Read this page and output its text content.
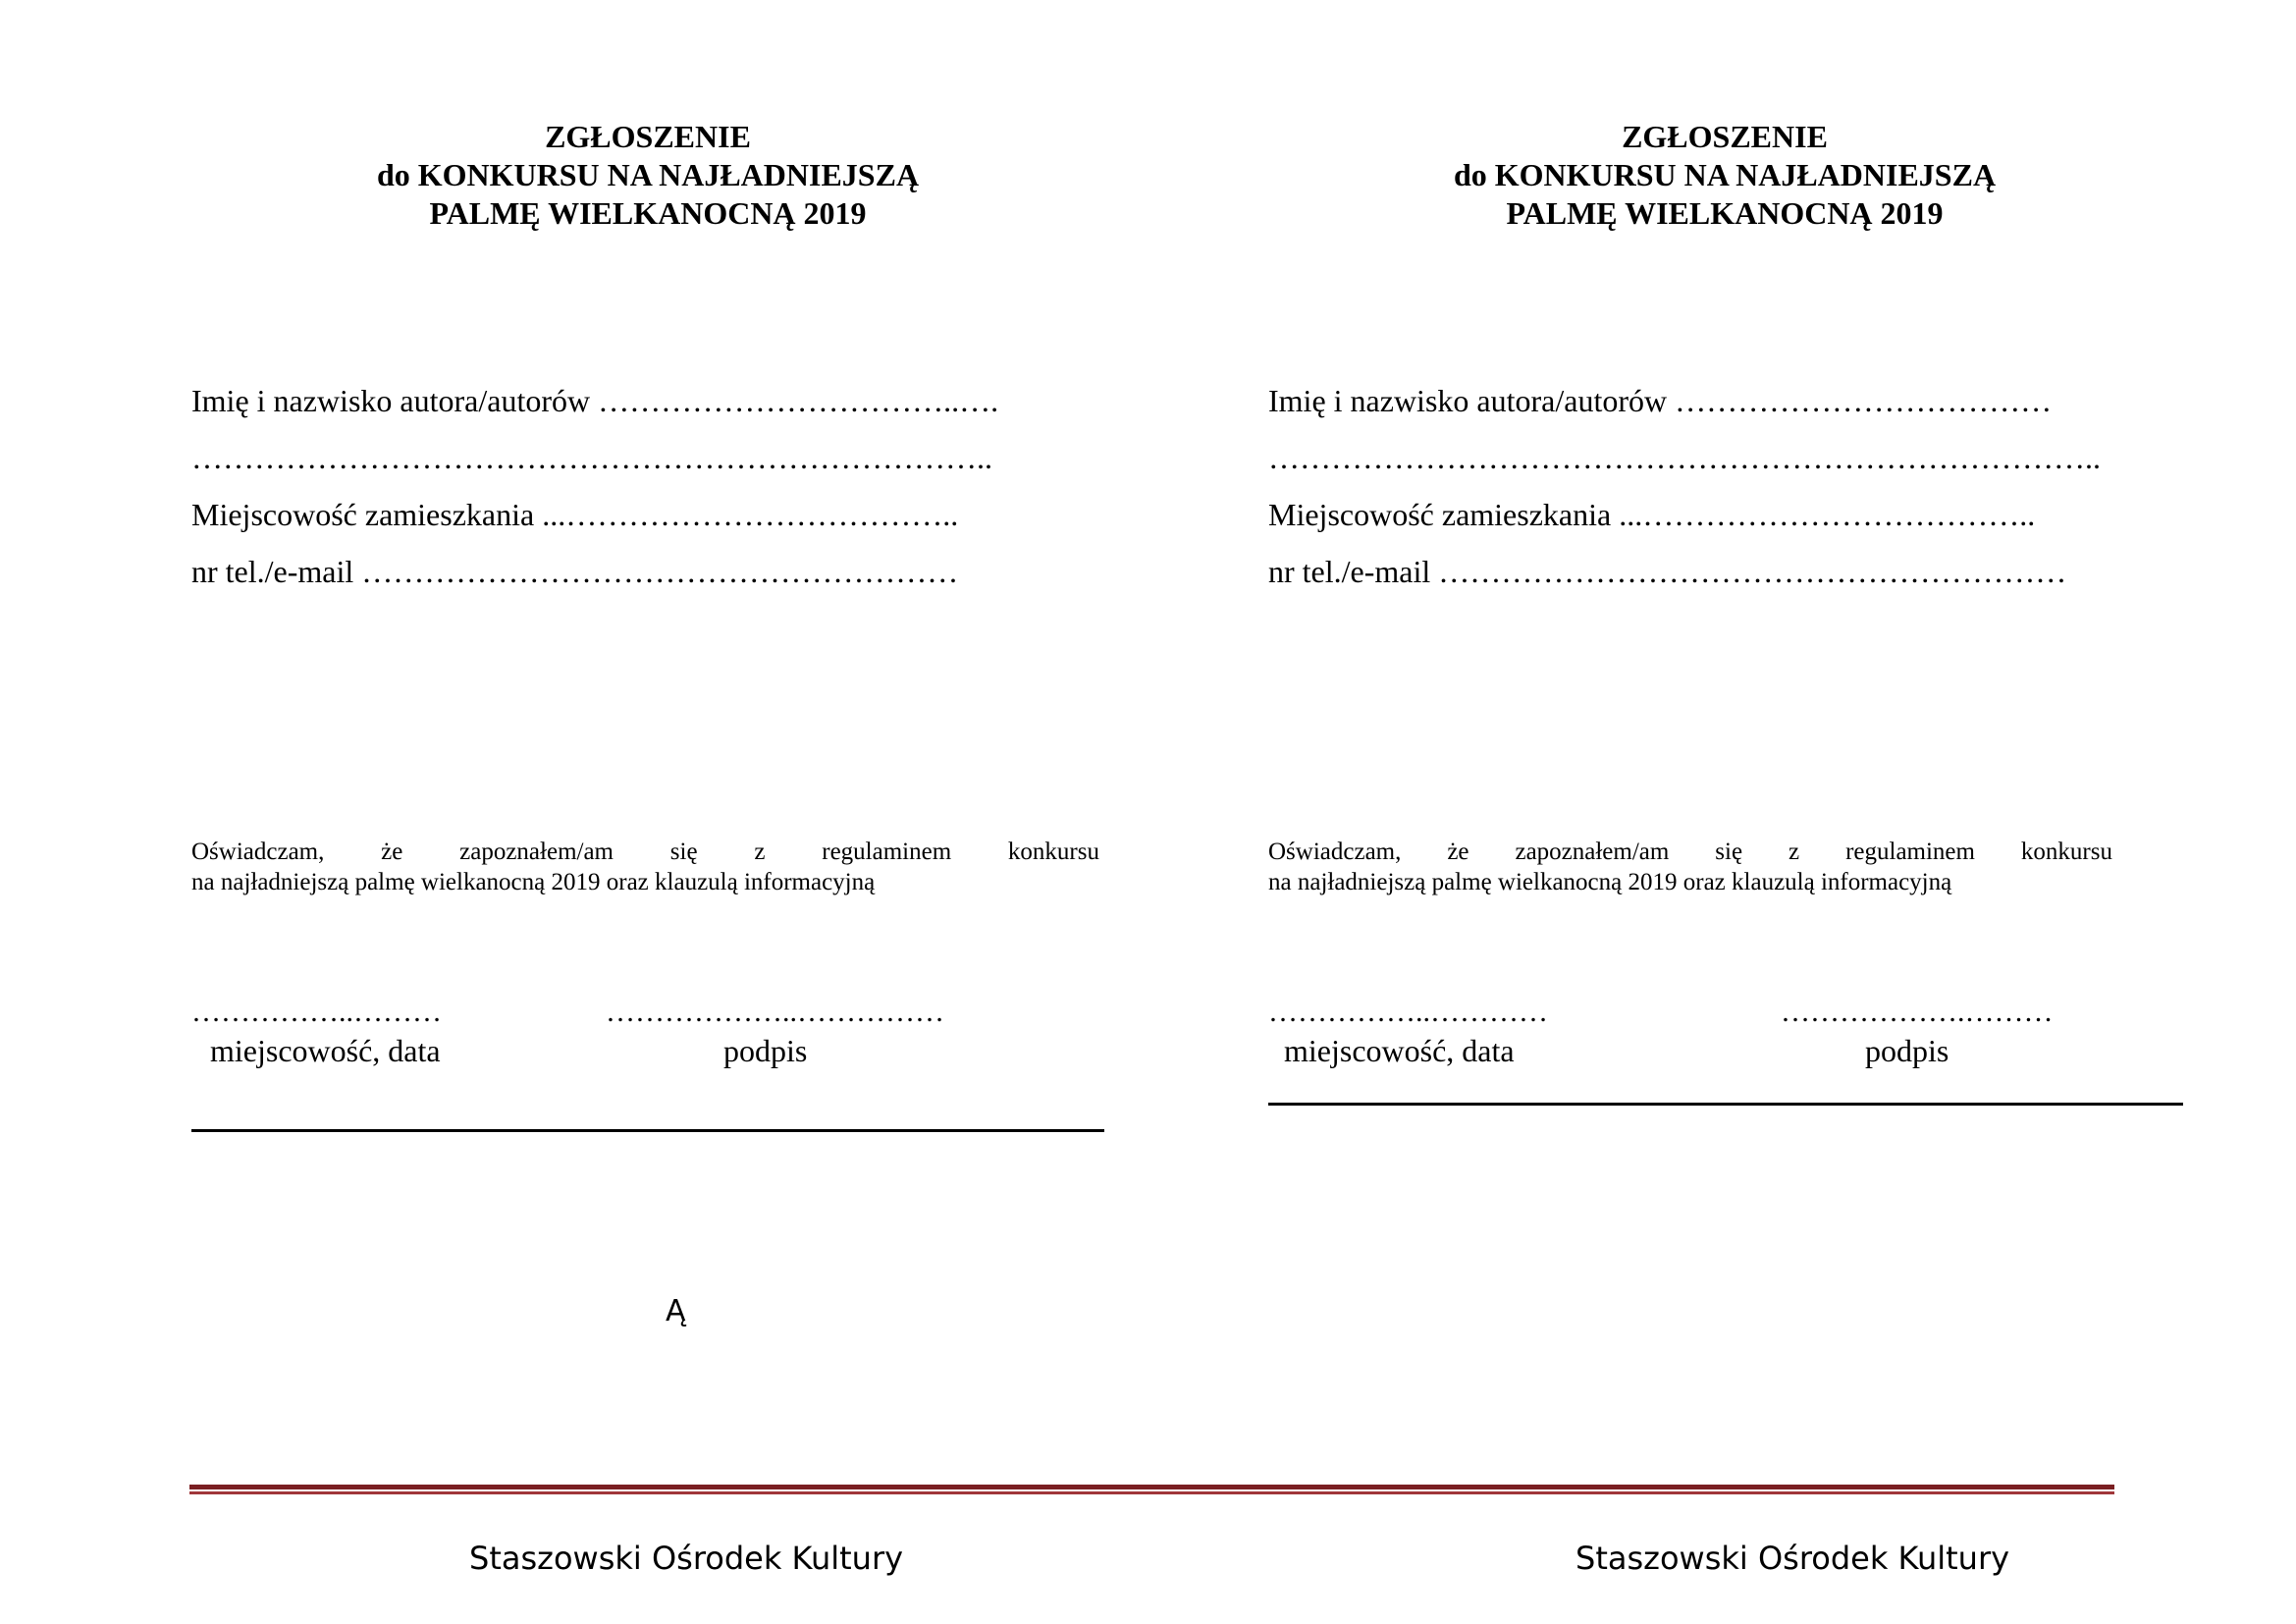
ZGŁOSZENIE
do KONKURSU NA NAJŁADNIEJSZĄ
PALMĘ WIELKANOCNĄ 2019
Imię i nazwisko autora/autorów ……………………………..….
…………………………………………………………………..
Miejscowość zamieszkania ...………………………………..
nr tel./e-mail …………………………………………………
Oświadczam, że zapoznałem/am się z regulaminem konkursu
na najładniejszą palmę wielkanocną 2019 oraz klauzulą informacyjną
……………..………	………………..……………
miejscowość, data	podpis
Ą
ZGŁOSZENIE
do KONKURSU NA NAJŁADNIEJSZĄ
PALMĘ WIELKANOCNĄ 2019
Imię i nazwisko autora/autorów ………………………………
……………………………………………………………………..
Miejscowość zamieszkania ...………………………………..
nr tel./e-mail ……………………………………………………
Oświadczam, że zapoznałem/am się z regulaminem konkursu
na najładniejszą palmę wielkanocną 2019 oraz klauzulą informacyjną
……………..…………	……………….………
miejscowość, data	podpis
Staszowski Ośrodek Kultury	Staszowski Ośrodek Kultury
